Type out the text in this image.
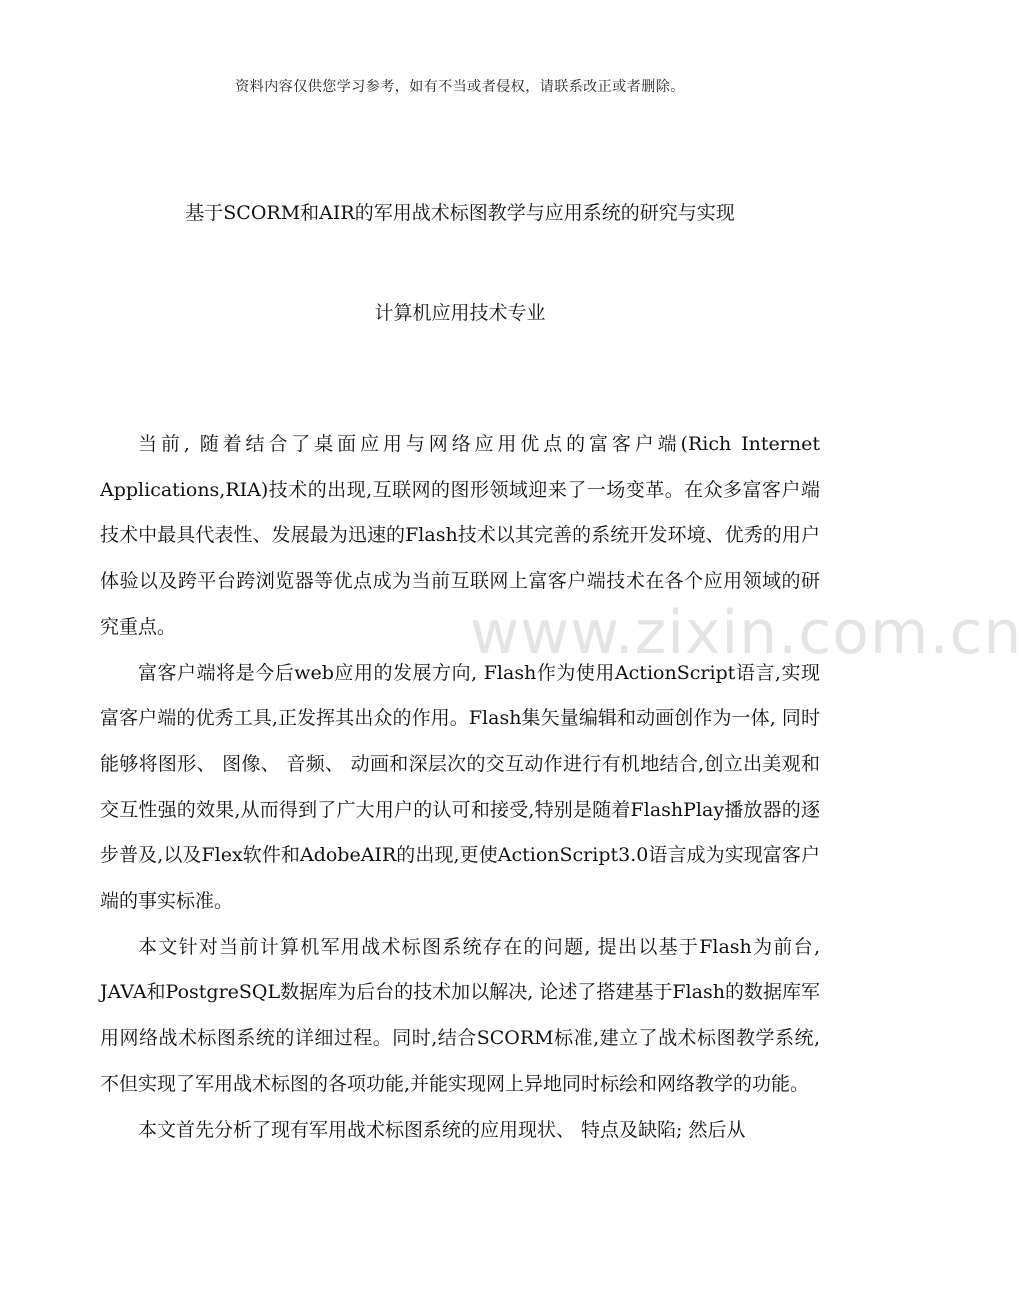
资料内容仅供您学习参考，如有不当或者侵权，请联系改正或者删除。
基于SCORM和AIR的军用战术标图教学与应用系统的研究与实现
计算机应用技术专业

当前, 随着结合了桌面应用与网络应用优点的富客户端(Rich Internet Applications,RIA)技术的出现,互联网的图形领域迎来了一场变革。在众多富客户端技术中最具代表性、发展最为迅速的Flash技术以其完善的系统开发环境、优秀的用户体验以及跨平台跨浏览器等优点成为当前互联网上富客户端技术在各个应用领域的研究重点。

富客户端将是今后web应用的发展方向, Flash作为使用ActionScript语言,实现富客户端的优秀工具,正发挥其出众的作用。Flash集矢量编辑和动画创作为一体, 同时能够将图形、 图像、 音频、 动画和深层次的交互动作进行有机地结合,创立出美观和交互性强的效果,从而得到了广大用户的认可和接受,特别是随着FlashPlay播放器的逐步普及,以及Flex软件和AdobeAIR的出现,更使ActionScript3.0语言成为实现富客户端的事实标准。

本文针对当前计算机军用战术标图系统存在的问题, 提出以基于Flash为前台, JAVA和PostgreSQL数据库为后台的技术加以解决, 论述了搭建基于Flash的数据库军用网络战术标图系统的详细过程。同时,结合SCORM标准,建立了战术标图教学系统,不但实现了军用战术标图的各项功能,并能实现网上异地同时标绘和网络教学的功能。

本文首先分析了现有军用战术标图系统的应用现状、 特点及缺陷; 然后从

www.zixin.com.cn
